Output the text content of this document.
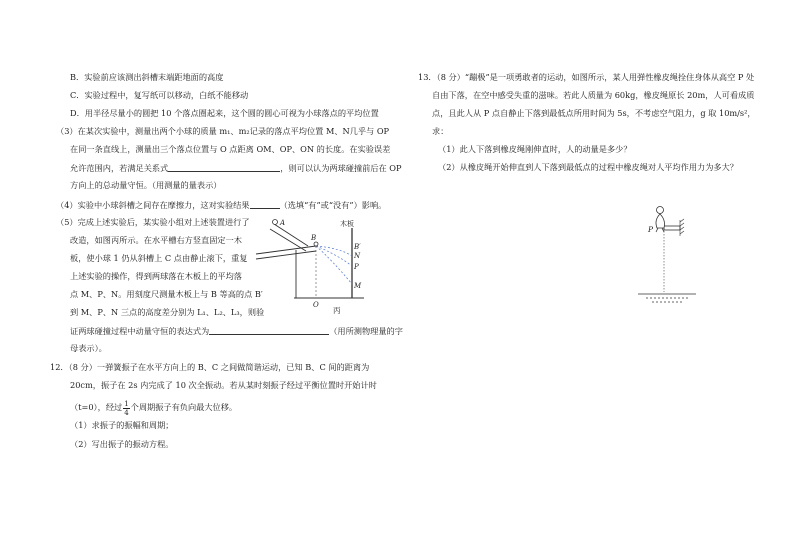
B．实验前应该测出斜槽末端距地面的高度
C．实验过程中，复写纸可以移动，白纸不能移动
D．用半径尽量小的圆把 10 个落点圈起来，这个圆的圆心可视为小球落点的平均位置
（3）在某次实验中，测量出两个小球的质量 m₁、m₂记录的落点平均位置 M、N几乎与 OP
在同一条直线上，测量出三个落点位置与 O 点距离 OM、OP、ON 的长度。在实验误差
允许范围内，若满足关系式	，则可以认为两球碰撞前后在 OP
方向上的总动量守恒。（用测量的量表示）
（4）实验中小球斜槽之间存在摩擦力，这对实验结果	（选填“有”或“没有”）影响。
（5）完成上述实验后，某实验小组对上述装置进行了
改造，如图丙所示。在水平槽右方竖直固定一木
板，使小球 1 仍从斜槽上 C 点由静止滚下，重复
上述实验的操作，得到两球落在木板上的平均落
点 M、P、N。用刻度尺测量木板上与 B 等高的点 B′
到 M、P、N 三点的高度差分别为 L₁、L₂、L₃，则验
证两球碰撞过程中动量守恒的表达式为	（用所测物理量的字
母表示）。
12．（8 分）一弹簧振子在水平方向上的 B、C 之间做简谐运动，已知 B、C 间的距离为
20cm，振子在 2s 内完成了 10 次全振动。若从某时刻振子经过平衡位置时开始计时
（t=0），经过 $\frac{1}{4}$ 个周期振子有负向最大位移。
（1）求振子的振幅和周期；
（2）写出振子的振动方程。
A
B
B′
N
P
M
O
木板
丙
13．（8 分）“蹦极”是一项勇敢者的运动，如图所示，某人用弹性橡皮绳拴住身体从高空 P 处
自由下落，在空中感受失重的滋味。若此人质量为 60kg，橡皮绳原长 20m，人可看成质
点，且此人从 P 点自静止下落到最低点所用时间为 5s，不考虑空气阻力，g 取 10m/s²，
求：
（1）此人下落到橡皮绳刚伸直时，人的动量是多少？
（2）从橡皮绳开始伸直到人下落到最低点的过程中橡皮绳对人平均作用力为多大？
P
